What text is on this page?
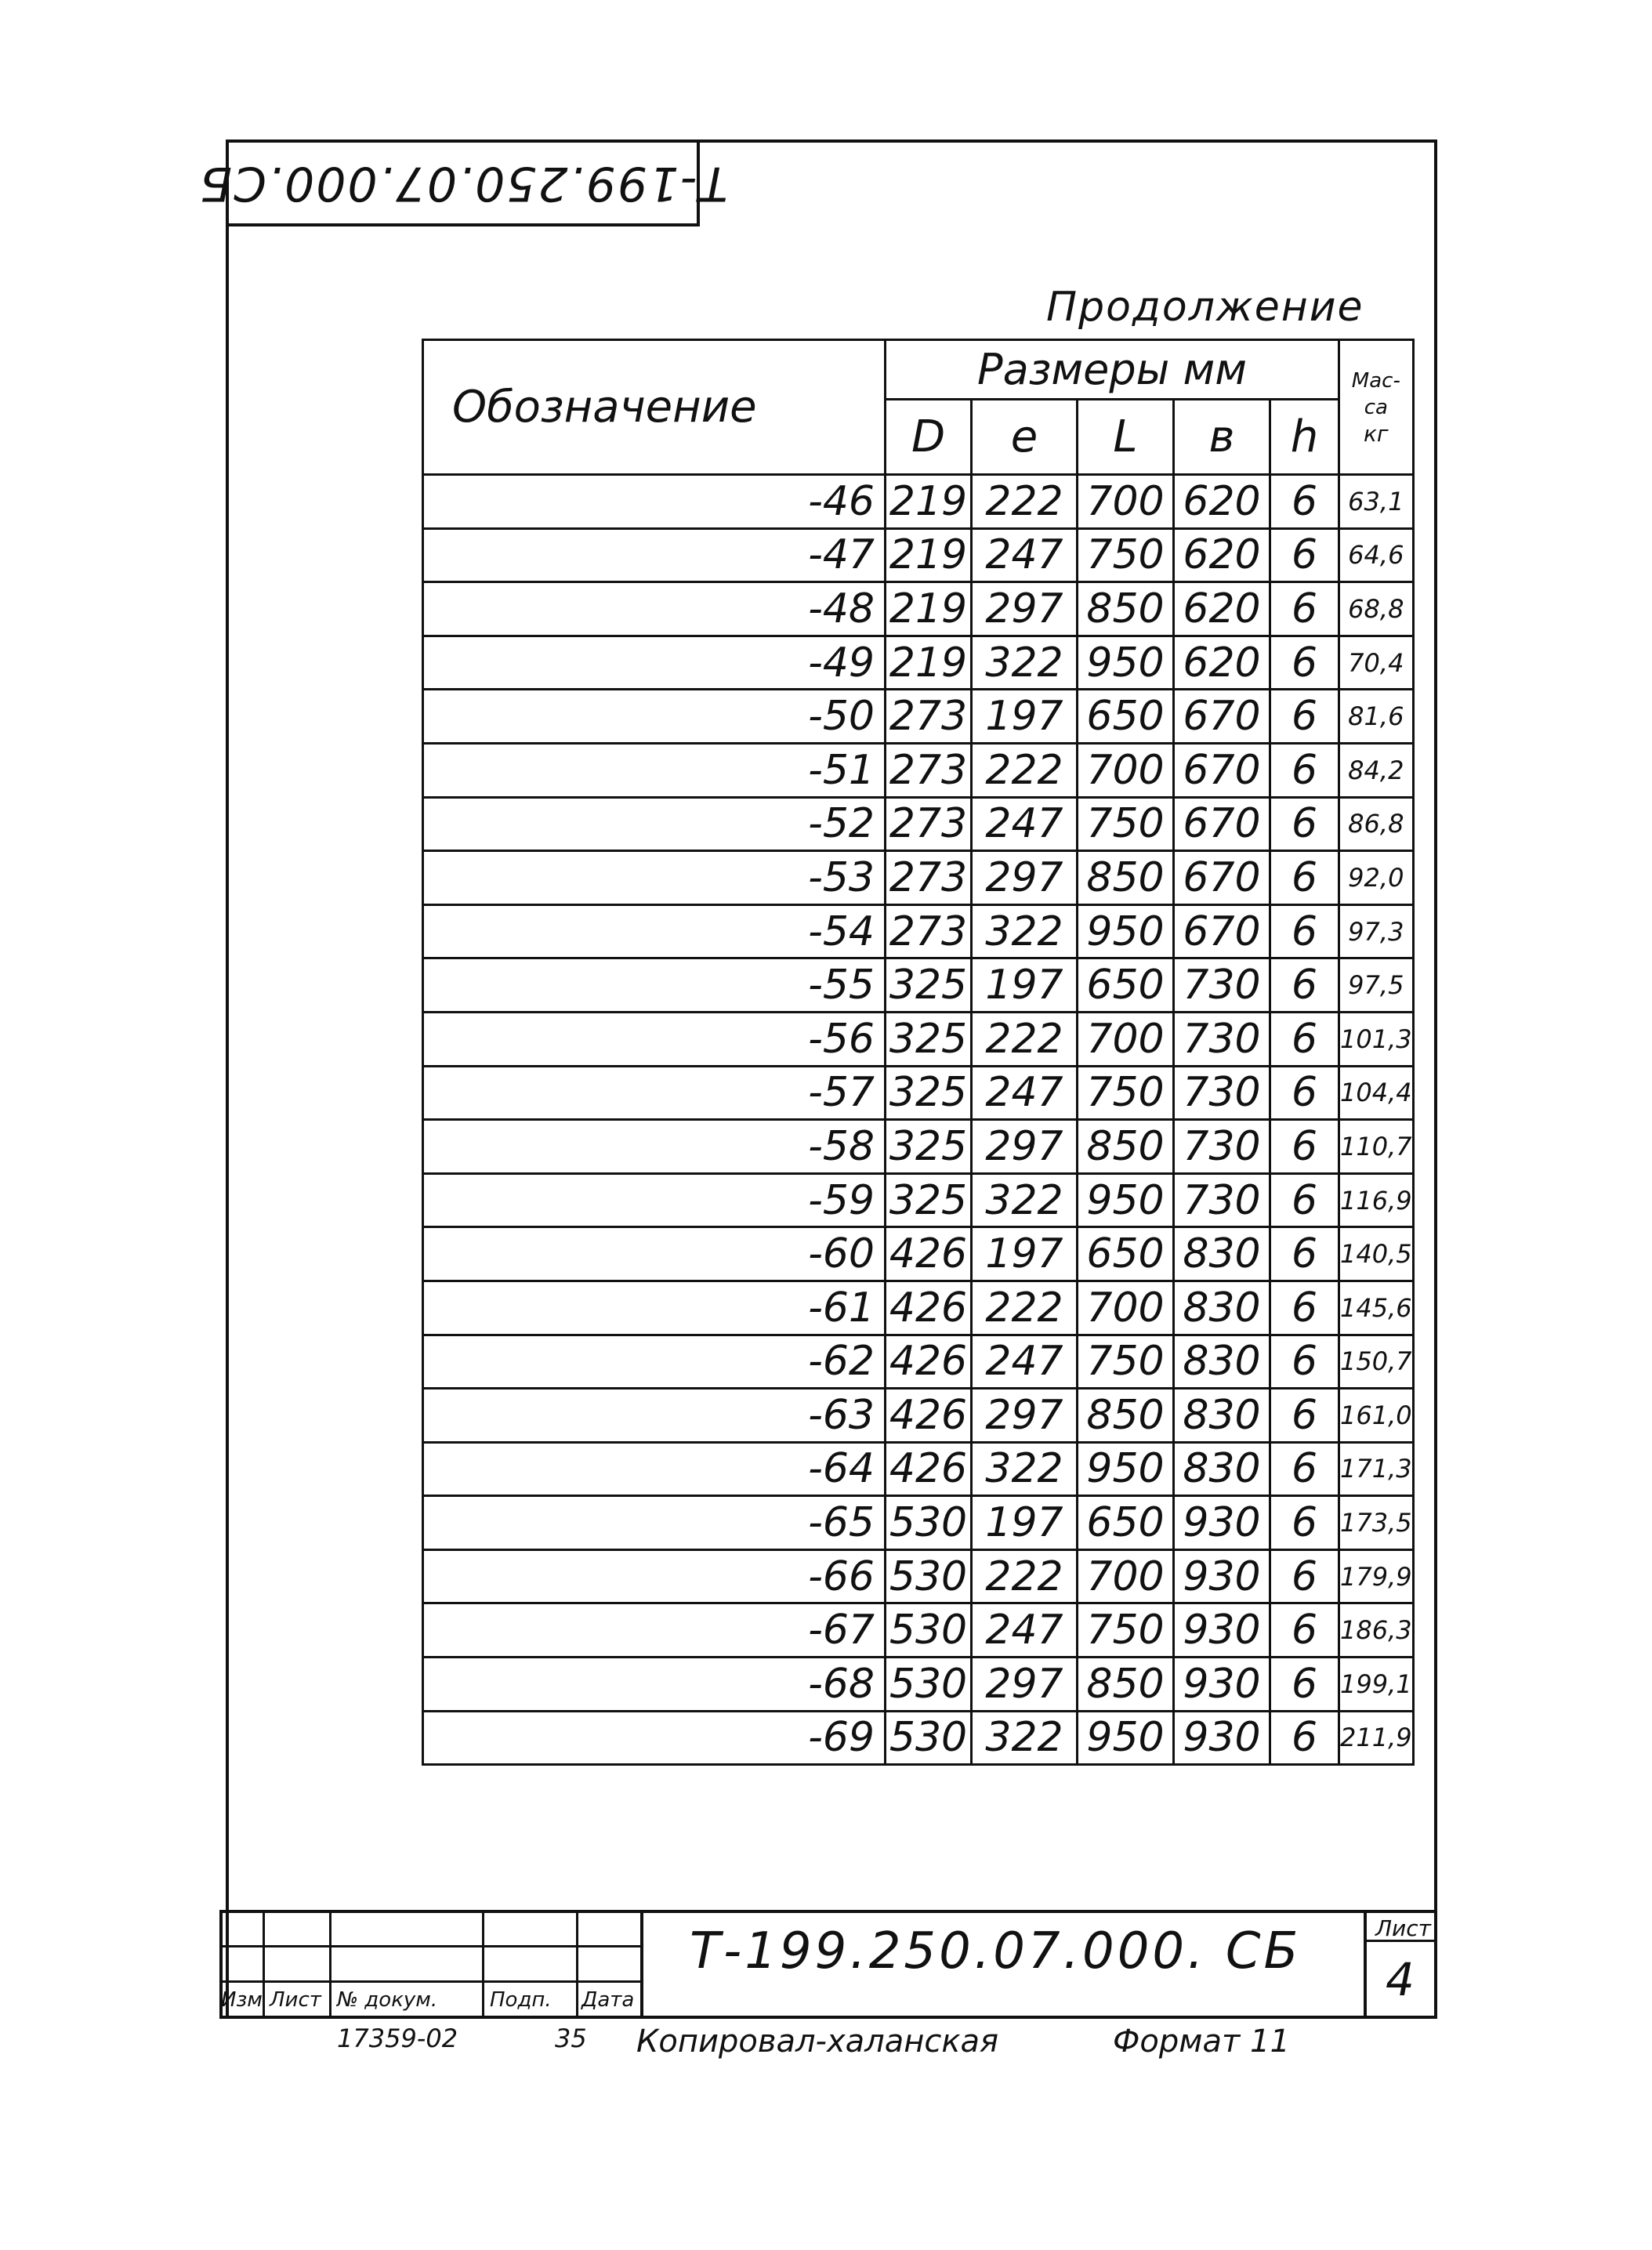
Т-199.250.07.000.СБ
Продолжение
Обозначение	Размеры мм					Мас-
са
кг

	D	e	L	в	h	
-46	219	222	700	620	6	63,1
-47	219	247	750	620	6	64,6
-48	219	297	850	620	6	68,8
-49	219	322	950	620	6	70,4
-50	273	197	650	670	6	81,6
-51	273	222	700	670	6	84,2
-52	273	247	750	670	6	86,8
-53	273	297	850	670	6	92,0
-54	273	322	950	670	6	97,3
-55	325	197	650	730	6	97,5
-56	325	222	700	730	6	101,3
-57	325	247	750	730	6	104,4
-58	325	297	850	730	6	110,7
-59	325	322	950	730	6	116,9
-60	426	197	650	830	6	140,5
-61	426	222	700	830	6	145,6
-62	426	247	750	830	6	150,7
-63	426	297	850	830	6	161,0
-64	426	322	950	830	6	171,3
-65	530	197	650	930	6	173,5
-66	530	222	700	930	6	179,9
-67	530	247	750	930	6	186,3
-68	530	297	850	930	6	199,1
-69	530	322	950	930	6	211,9
Изм Лист № докум.	Подп. Дата
Т-199.250.07.000. СБ	Лист
4
17359-02	35 Копировал-халанская	Формат 11
